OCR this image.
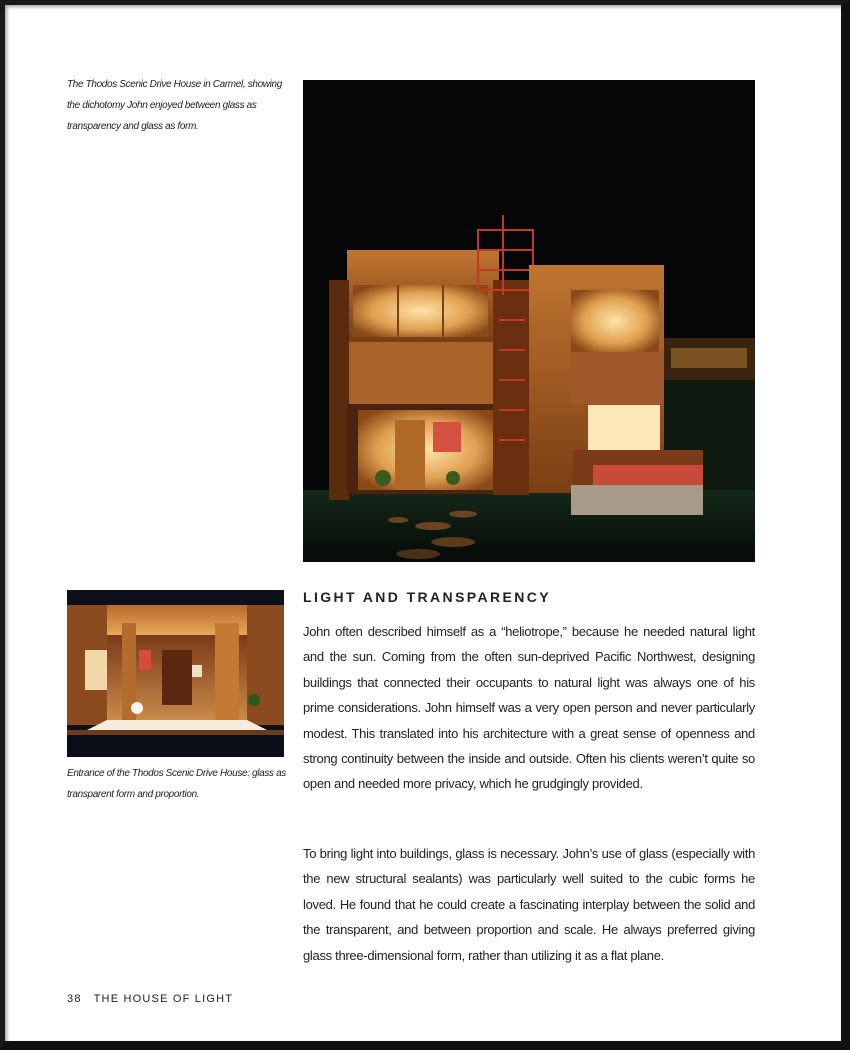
The Thodos Scenic Drive House in Carmel, showing the dichotomy John enjoyed between glass as transparency and glass as form.
Entrance of the Thodos Scenic Drive House: glass as transparent form and proportion.
LIGHT AND TRANSPARENCY

John often described himself as a “heliotrope,” because he needed natural light and the sun. Coming from the often sun-deprived Pacific Northwest, designing buildings that connected their occupants to natural light was always one of his prime considerations. John himself was a very open person and never particularly modest. This translated into his architecture with a great sense of openness and strong continuity between the inside and outside. Often his clients weren’t quite so open and needed more privacy, which he grudgingly provided.

To bring light into buildings, glass is necessary. John’s use of glass (especially with the new structural sealants) was particularly well suited to the cubic forms he loved. He found that he could create a fascinating interplay between the solid and the transparent, and between proportion and scale. He always preferred giving glass three-dimensional form, rather than utilizing it as a flat plane.

38 THE HOUSE OF LIGHT
